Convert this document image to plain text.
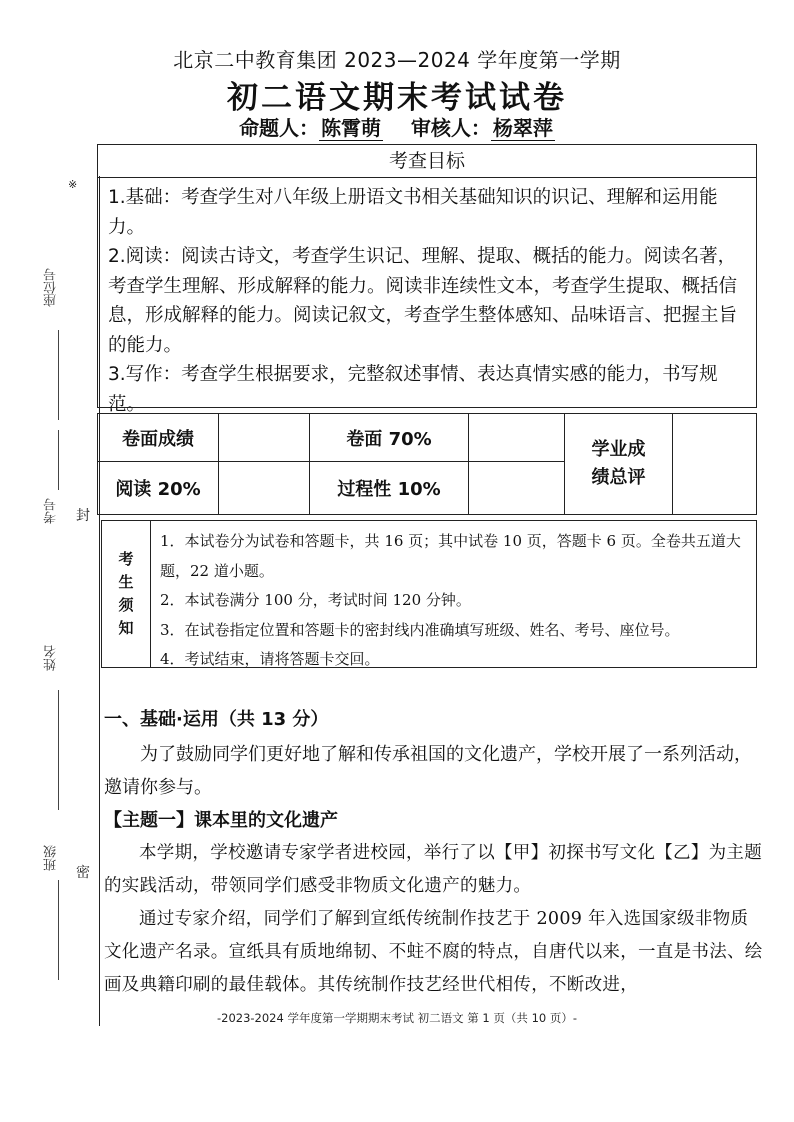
※
座位号
考号 封
姓名
班级
密
北京二中教育集团 2023—2024 学年度第一学期
初二语文期末考试试卷
命题人： 陈霄萌 审核人： 杨翠萍
考查目标

1.基础：考查学生对八年级上册语文书相关基础知识的识记、理解和运用能力。

2.阅读：阅读古诗文，考查学生识记、理解、提取、概括的能力。阅读名著，考查学生理解、形成解释的能力。阅读非连续性文本，考查学生提取、概括信息，形成解释的能力。阅读记叙文，考查学生整体感知、品味语言、把握主旨的能力。

3.写作：考查学生根据要求，完整叙述事情、表达真情实感的能力，书写规范。

卷面成绩		卷面 70%		学业成
绩总评	
阅读 20%		过程性 10%			
考
生
须
知

1．本试卷分为试卷和答题卡，共 16 页；其中试卷 10 页，答题卡 6 页。全卷共五道大题，22 道小题。

2．本试卷满分 100 分，考试时间 120 分钟。

3．在试卷指定位置和答题卡的密封线内准确填写班级、姓名、考号、座位号。

4．考试结束，请将答题卡交回。

一、基础·运用（共 13 分）

为了鼓励同学们更好地了解和传承祖国的文化遗产，学校开展了一系列活动，邀请你参与。

【主题一】课本里的文化遗产

本学期，学校邀请专家学者进校园，举行了以【甲】初探书写文化【乙】为主题的实践活动，带领同学们感受非物质文化遗产的魅力。

通过专家介绍，同学们了解到宣纸传统制作技艺于 2009 年入选国家级非物质文化遗产名录。宣纸具有质地绵韧、不蛀不腐的特点，自唐代以来，一直是书法、绘画及典籍印刷的最佳载体。其传统制作技艺经世代相传，不断改进，

-2023-2024 学年度第一学期期末考试 初二语文 第 1 页（共 10 页）-
